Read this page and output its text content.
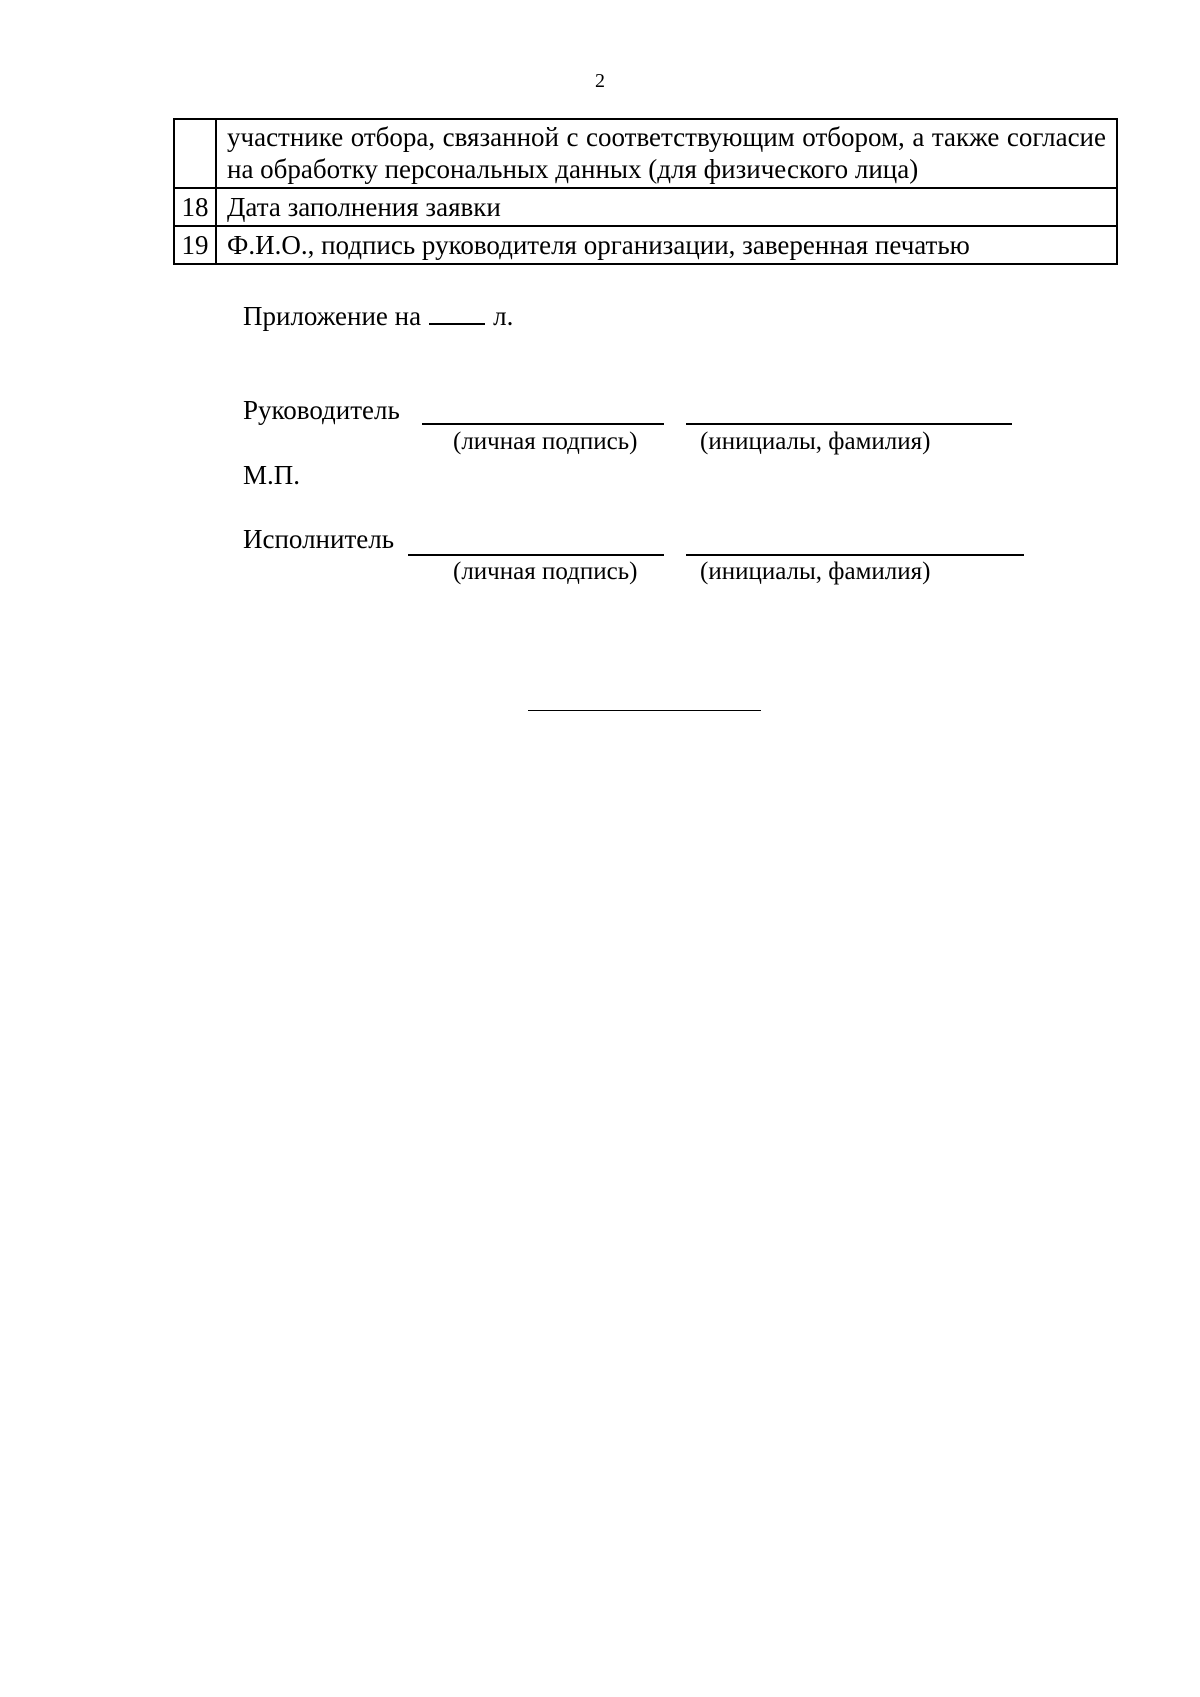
2
	участнике отбора, связанной с соответствующим отбором, а также согласие на обработку персональных данных (для физического лица)
18	Дата заполнения заявки
19	Ф.И.О., подпись руководителя организации, заверенная печатью
Приложение на	л.
Руководитель
(личная подпись)	(инициалы, фамилия)
М.П.
Исполнитель
(личная подпись)	(инициалы, фамилия)
